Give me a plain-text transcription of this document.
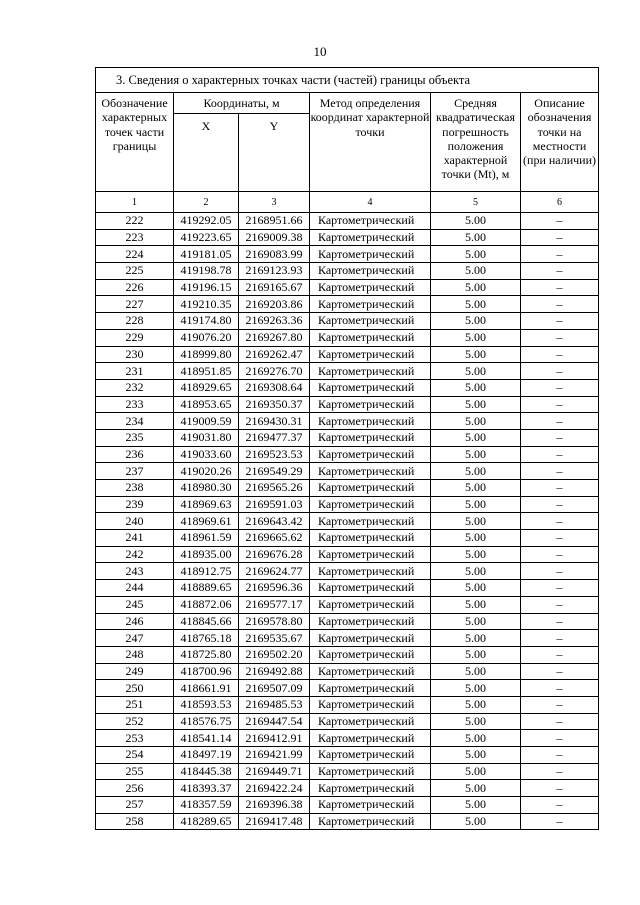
10
3. Сведения о характерных точках части (частей) границы объекта					
Обозначение характерных точек части границы	Координаты, м		Метод определения координат характерной точки	Средняя квадратическая погрешность положения характерной точки (Mt), м	Описание обозначения точки на местности (при наличии)
	X	Y			
1	2	3	4	5	6
222	419292.05	2168951.66	Картометрический	5.00	–
223	419223.65	2169009.38	Картометрический	5.00	–
224	419181.05	2169083.99	Картометрический	5.00	–
225	419198.78	2169123.93	Картометрический	5.00	–
226	419196.15	2169165.67	Картометрический	5.00	–
227	419210.35	2169203.86	Картометрический	5.00	–
228	419174.80	2169263.36	Картометрический	5.00	–
229	419076.20	2169267.80	Картометрический	5.00	–
230	418999.80	2169262.47	Картометрический	5.00	–
231	418951.85	2169276.70	Картометрический	5.00	–
232	418929.65	2169308.64	Картометрический	5.00	–
233	418953.65	2169350.37	Картометрический	5.00	–
234	419009.59	2169430.31	Картометрический	5.00	–
235	419031.80	2169477.37	Картометрический	5.00	–
236	419033.60	2169523.53	Картометрический	5.00	–
237	419020.26	2169549.29	Картометрический	5.00	–
238	418980.30	2169565.26	Картометрический	5.00	–
239	418969.63	2169591.03	Картометрический	5.00	–
240	418969.61	2169643.42	Картометрический	5.00	–
241	418961.59	2169665.62	Картометрический	5.00	–
242	418935.00	2169676.28	Картометрический	5.00	–
243	418912.75	2169624.77	Картометрический	5.00	–
244	418889.65	2169596.36	Картометрический	5.00	–
245	418872.06	2169577.17	Картометрический	5.00	–
246	418845.66	2169578.80	Картометрический	5.00	–
247	418765.18	2169535.67	Картометрический	5.00	–
248	418725.80	2169502.20	Картометрический	5.00	–
249	418700.96	2169492.88	Картометрический	5.00	–
250	418661.91	2169507.09	Картометрический	5.00	–
251	418593.53	2169485.53	Картометрический	5.00	–
252	418576.75	2169447.54	Картометрический	5.00	–
253	418541.14	2169412.91	Картометрический	5.00	–
254	418497.19	2169421.99	Картометрический	5.00	–
255	418445.38	2169449.71	Картометрический	5.00	–
256	418393.37	2169422.24	Картометрический	5.00	–
257	418357.59	2169396.38	Картометрический	5.00	–
258	418289.65	2169417.48	Картометрический	5.00	–
